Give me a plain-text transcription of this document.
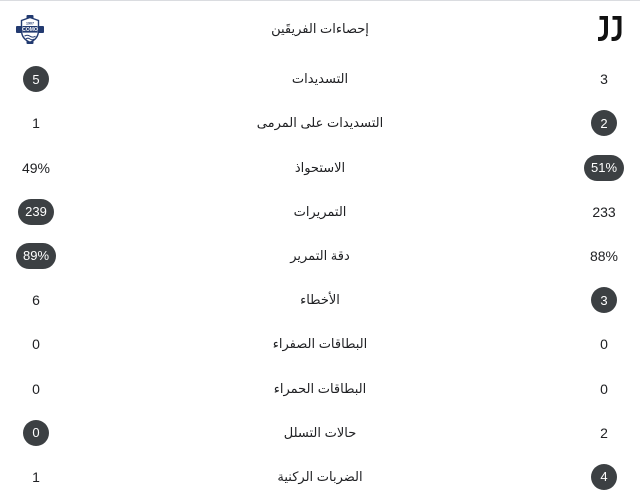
1907
COMO	إحصاءات الفريقَين
5	التسديدات	3
1	التسديدات على المرمى	2
49%	الاستحواذ	51%
239	التمريرات	233
89%	دقة التمرير	88%
6	الأخطاء	3
0	البطاقات الصفراء	0
0	البطاقات الحمراء	0
0	حالات التسلل	2
1	الضربات الركنية	4
